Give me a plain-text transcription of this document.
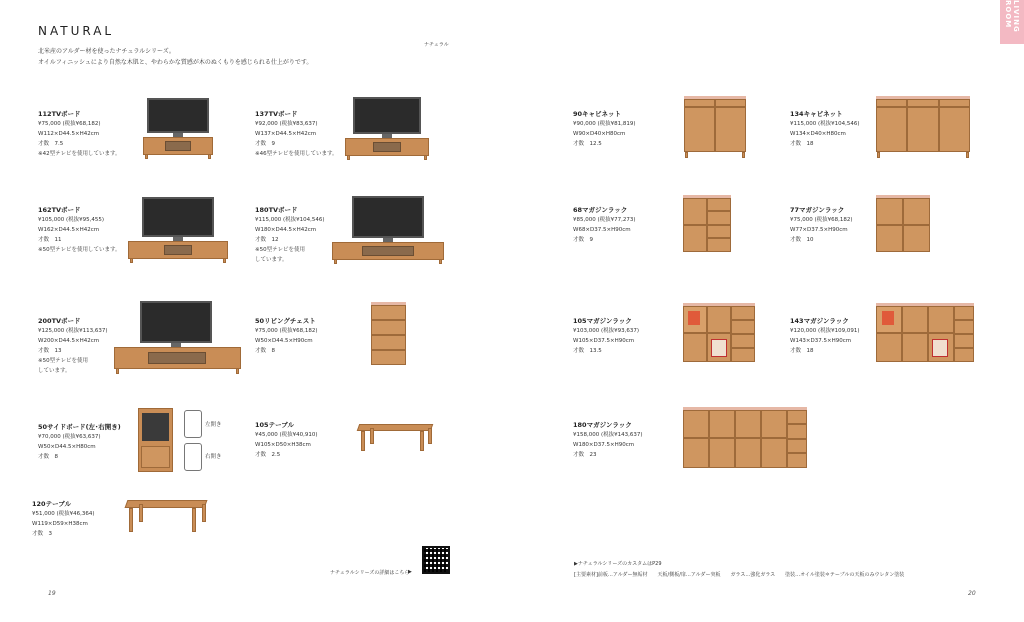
NATURAL
ナチュラル
北米産のアルダー材を使ったナチュラルシリーズ。
オイルフィニッシュにより自然な木肌と、やわらかな質感が木のぬくもりを感じられる仕上がりです。
LIVING ROOM
112TVボード
¥75,000 (税抜¥68,182)
W112×D44.5×H42cm
才数　7.5
※42型テレビを使用しています。
137TVボード
¥92,000 (税抜¥83,637)
W137×D44.5×H42cm
才数　9
※46型テレビを使用しています。
162TVボード
¥105,000 (税抜¥95,455)
W162×D44.5×H42cm
才数　11
※50型テレビを使用しています。
180TVボード
¥115,000 (税抜¥104,546)
W180×D44.5×H42cm
才数　12
※50型テレビを使用
しています。
200TVボード
¥125,000 (税抜¥113,637)
W200×D44.5×H42cm
才数　13
※50型テレビを使用
しています。
50リビングチェスト
¥75,000 (税抜¥68,182)
W50×D44.5×H90cm
才数　8
50サイドボード(左･右開き)
¥70,000 (税抜¥63,637)
W50×D44.5×H80cm
才数　8
左開き
右開き
105テーブル
¥45,000 (税抜¥40,910)
W105×D50×H38cm
才数　2.5
120テーブル
¥51,000 (税抜¥46,364)
W119×D59×H38cm
才数　3
ナチュラルシリーズの詳細はこちら
▶
19
90キャビネット
¥90,000 (税抜¥81,819)
W90×D40×H80cm
才数　12.5
134キャビネット
¥115,000 (税抜¥104,546)
W134×D40×H80cm
才数　18
68マガジンラック
¥85,000 (税抜¥77,273)
W68×D37.5×H90cm
才数　9
77マガジンラック
¥75,000 (税抜¥68,182)
W77×D37.5×H90cm
才数　10
105マガジンラック
¥103,000 (税抜¥93,637)
W105×D37.5×H90cm
才数　13.5
143マガジンラック
¥120,000 (税抜¥109,091)
W143×D37.5×H90cm
才数　18
180マガジンラック
¥158,000 (税抜¥143,637)
W180×D37.5×H90cm
才数　23
▶ナチュラルシリーズのカスタムはP29
[主要素材]前板…アルダー無垢材　　天板/側板/扉…アルダー突板　　ガラス…強化ガラス　　塗装…オイル塗装＊テーブルの天板のみウレタン塗装
20
